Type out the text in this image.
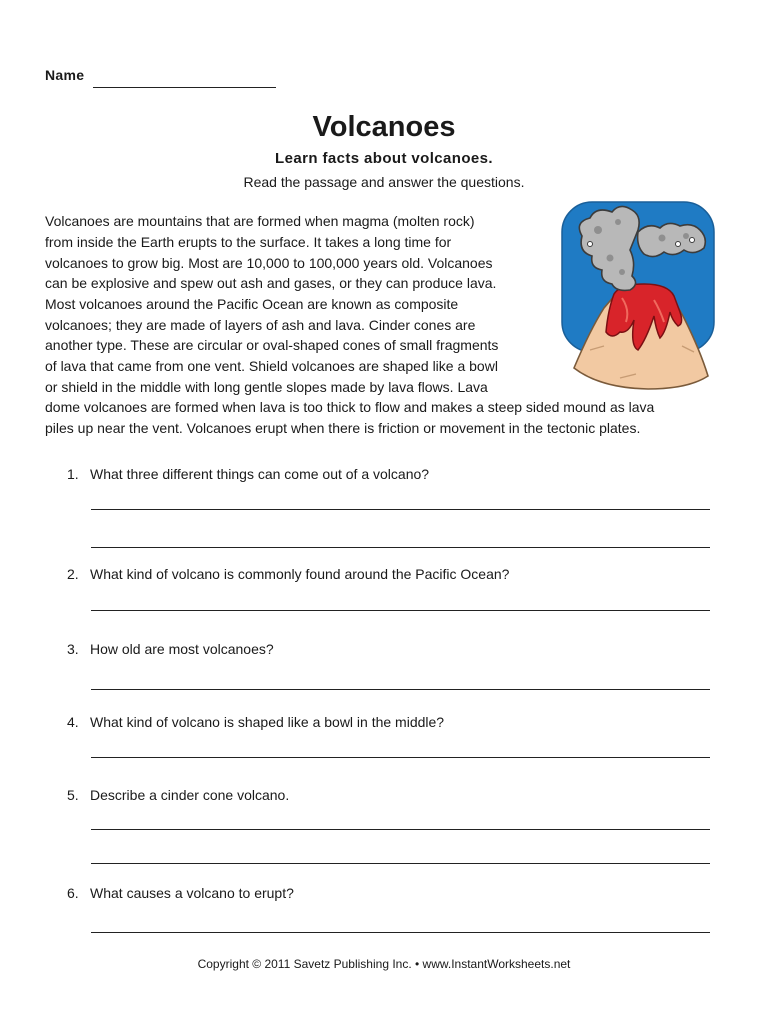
Name
Volcanoes
Learn facts about volcanoes.
Read the passage and answer the questions.
Volcanoes are mountains that are formed when magma (molten rock)
from inside the Earth erupts to the surface. It takes a long time for
volcanoes to grow big. Most are 10,000 to 100,000 years old. Volcanoes
can be explosive and spew out ash and gases, or they can produce lava.
Most volcanoes around the Pacific Ocean are known as composite
volcanoes; they are made of layers of ash and lava. Cinder cones are
another type. These are circular or oval-shaped cones of small fragments
of lava that came from one vent. Shield volcanoes are shaped like a bowl
or shield in the middle with long gentle slopes made by lava flows. Lava
dome volcanoes are formed when lava is too thick to flow and makes a steep sided mound as lava
piles up near the vent. Volcanoes erupt when there is friction or movement in the tectonic plates.
1. What three different things can come out of a volcano?
2. What kind of volcano is commonly found around the Pacific Ocean?
3. How old are most volcanoes?
4. What kind of volcano is shaped like a bowl in the middle?
5. Describe a cinder cone volcano.
6. What causes a volcano to erupt?
Copyright © 2011 Savetz Publishing Inc. • www.InstantWorksheets.net
